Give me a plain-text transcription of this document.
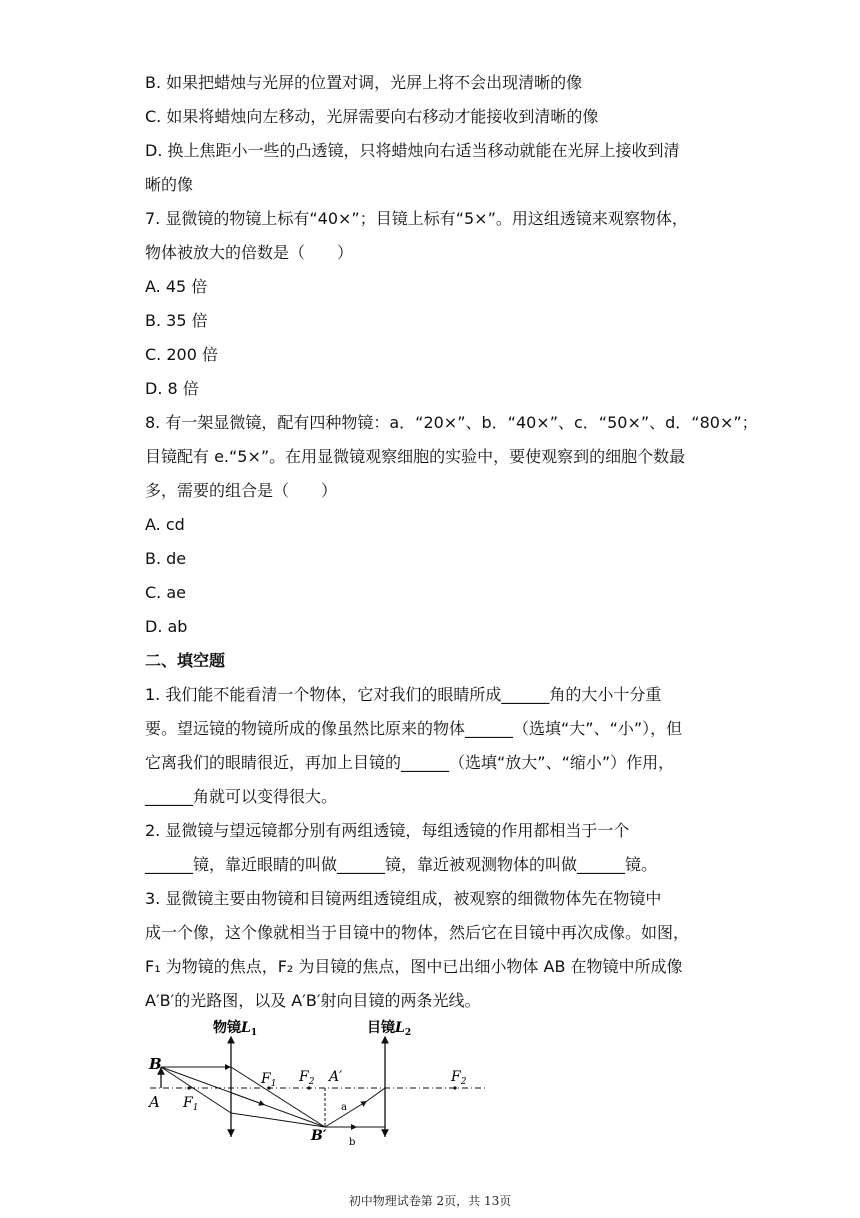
B. 如果把蜡烛与光屏的位置对调，光屏上将不会出现清晰的像
C. 如果将蜡烛向左移动，光屏需要向右移动才能接收到清晰的像
D. 换上焦距小一些的凸透镜，只将蜡烛向右适当移动就能在光屏上接收到清
晰的像
7. 显微镜的物镜上标有“40×”；目镜上标有“5×”。用这组透镜来观察物体，
物体被放大的倍数是（　　）
A. 45 倍
B. 35 倍
C. 200 倍
D. 8 倍
8. 有一架显微镜，配有四种物镜：a．“20×”、b．“40×”、c．“50×”、d．“80×”；
目镜配有 e.“5×”。在用显微镜观察细胞的实验中，要使观察到的细胞个数最
多，需要的组合是（　　）
A. cd
B. de
C. ae
D. ab
二、填空题
1. 我们能不能看清一个物体，它对我们的眼睛所成______角的大小十分重
要。望远镜的物镜所成的像虽然比原来的物体______（选填“大”、“小”），但
它离我们的眼睛很近，再加上目镜的______（选填“放大”、“缩小”）作用，
______角就可以变得很大。
2. 显微镜与望远镜都分别有两组透镜，每组透镜的作用都相当于一个
______镜，靠近眼睛的叫做______镜，靠近被观测物体的叫做______镜。
3. 显微镜主要由物镜和目镜两组透镜组成，被观察的细微物体先在物镜中
成一个像，这个像就相当于目镜中的物体，然后它在目镜中再次成像。如图，
F₁ 为物镜的焦点，F₂ 为目镜的焦点，图中已出细小物体 AB 在物镜中所成像
A′B′的光路图，以及 A′B′射向目镜的两条光线。
物镜$L_1$	目镜$L_2$
B
A $F_1$
$F_1$ $F_2$	$F_2$
A′
B′
a
b
初中物理试卷第 2页，共 13页
